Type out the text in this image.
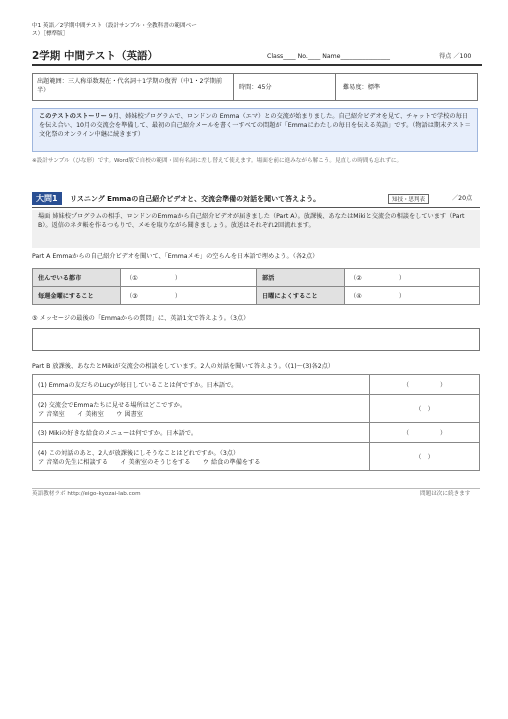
中1 英語／2学期中間テスト（設計サンプル・全教科書の範囲ベー
ス）［標準版］
2学期 中間テスト（英語）	Class____ No.____ Name________________	得点 ／100
出題範囲：三人称単数現在・代名詞＋1学期の復習（中1・2学期前半）	時間：45分	難易度：標準
このテストのストーリー 9月、姉妹校プログラムで、ロンドンの Emma（エマ）との交流が始まりました。自己紹介ビデオを見て、チャットで学校の毎日を伝え合い、10月の交流会を準備して、最初の自己紹介メールを書く一すべての問題が「Emmaにわたしの毎日を伝える英語」です。（物語は期末テスト＝文化祭のオンライン中継に続きます）
※設計サンプル（ひな形）です。Word版で自校の範囲・固有名詞に差し替えて使えます。場面を前に進みながら解こう。見直しの時間も忘れずに。
大問1	リスニング Emmaの自己紹介ビデオと、交流会準備の対話を聞いて答えよう。	知技・思判表	／20点
場面 姉妹校プログラムの相手、ロンドンのEmmaから自己紹介ビデオが届きました（Part A）。放課後、あなたはMikiと交流会の相談をしています（Part B）。返信のネタ帳を作るつもりで、メモを取りながら聞きましょう。放送はそれぞれ2回流れます。
Part A Emmaからの自己紹介ビデオを聞いて、「Emmaメモ」の空らんを日本語で埋めよう。（各2点）
住んでいる都市	（①　　　　　　）	部活	（②　　　　　　）
毎週金曜にすること	（③　　　　　　）	日曜によくすること	（④　　　　　　）
⑤ メッセージの最後の「Emmaからの質問」に、英語1文で答えよう。（3点）
Part B 放課後、あなたとMikiが交流会の相談をしています。2人の対話を聞いて答えよう。（(1)～(3)各2点）
(1) Emmaの友だちのLucyが毎日していることは何ですか。日本語で。	（　　　　　）

(2) 交流会でEmmaたちに見せる場所はどこですか。
ア 音楽室　　イ 美術室　　ウ 図書室	（　）
(3) Mikiの好きな給食のメニューは何ですか。日本語で。	（　　　　　）

(4) この対話のあと、2人が放課後にしそうなことはどれですか。（3点）
ア 音楽の先生に相談する　　イ 美術室のそうじをする　　ウ 給食の準備をする	（　）
英語教材ラボ http://eigo-kyozai-lab.com	問題は次に続きます
